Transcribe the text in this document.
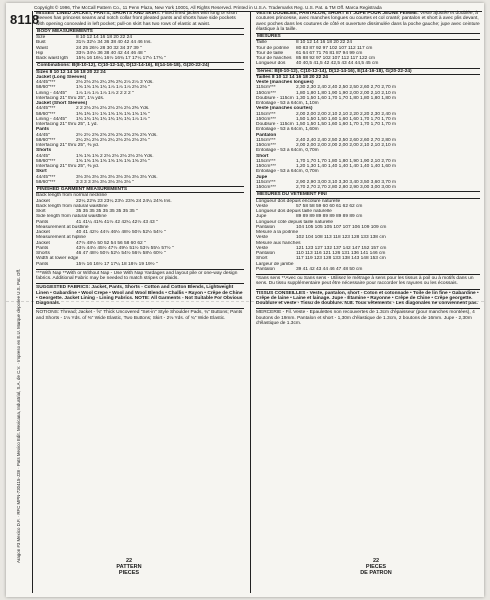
Copyright © 1996, The McCall Pattern Co., 11 Penn Plaza, New York 10001, All Rights Reserved. Printed in U.S.A. Trademarks Reg. U.S. Pat. & TM Off. Marca Registrada
8118
Aragon #3 Mexico D.F. · RFC MPN-720415-J28 · Pats Mexico Edit. Mexicana, Industrial, S.A. de C.V. · Impreso en E.U. Marque deposee U.S. Pat. Off.

MISSES' LINED JACKET, PANTS, SHORTS AND SKIRT: Fitted lined jacket with long or short sleeves has princess seams and notch collar front pleated pants and shorts have side pockets with opening concealed in left pocket; pull-on skirt has two rows of elastic at waist.

BODY MEASUREMENTS
Size	8 10 12 14 16 18 20 22 24
Bust	31½ 32½ 34 36 38 40 42 44 46 Ins.
Waist	24 25 26½ 28 30 32 34 37 39 "
Hip	33½ 34½ 36 38 40 42 44 46 48 "
Back waist lgth	15¾ 16 16¼ 16½ 16¾ 17 17¼ 17½ 17¾ "
Combinations: B(8-10-12), C(10-12-14), D(12-14-16), E(14-16-18), G(20-22-24)
Sizes 8 10 12 14 16 18 20 22 24
Jacket (Long Sleeves)
44/45"***	2⅛ 2⅛ 2⅛ 2¼ 2⅜ 2¾ 2⅞ 2⅞ 3 Yds.
58/60"***	1⅝ 1⅝ 1⅝ 1¾ 1⅞ 1⅞ 1⅞ 2⅛ 2⅛ "
Lining - 44/45"	1⅞ 1⅞ 1⅞ 1⅞ 1⅞ 2 2 2 2 "
Interfacing 21" thru 25", 1⅛ yds.
Jacket (Short Sleeves)
44/45"***	2 2 2⅛ 2⅛ 2⅛ 2⅛ 2⅛ 2⅛ 2⅜ Yds.
58/60"***	1⅜ 1⅜ 1½ 1⅝ 1⅝ 1⅝ 1⅝ 1⅝ 1⅝ "
Lining - 44/45"	1¾ 1¾ 1¾ 1¾ 1¾ 1¾ 1¾ 1⅞ 1⅞ "
Interfacing 21" thru 25", 1 yd.
Pants
44/45"	2½ 2½ 2⅝ 2⅝ 2⅝ 2⅝ 2⅝ 2⅝ 2⅝ Yds.
58/60"***	2¼ 2¼ 2⅛ 2⅛ 2¼ 2⅛ 2⅛ 2⅛ 2⅛ "
Interfacing 21" thru 25", ⅜ yd.
Shorts
44/45"	1⅝ 1⅝ 1⅝ 2 2⅛ 2⅛ 2⅛ 2⅛ 2⅛ Yds.
58/60"***	1⅝ 1⅝ 1⅝ 1⅝ 1⅝ 1⅝ 1⅝ 1⅝ 2⅛ "
Interfacing 21" thru 25", ⅜ yd.
Skirt
44/45"***	3⅛ 3⅛ 3⅛ 3⅛ 3⅛ 3⅛ 3⅛ 3⅛ 3⅛ Yds.
58/60"***	3 3 3 3 3⅛ 3⅛ 3⅛ 3⅛ 3⅛ "
FINISHED GARMENT MEASUREMENTS
Back length from normal neckline
Jacket	22¼ 22⅝ 23 23¼ 23½ 23⅝ 24 24¼ 24⅝ Ins.
Back length from natural waistline
Skirt	35 35 35 35 35 35 35 35 35 "
Side length from natural waistline
Pants	41 41¼ 41⅜ 41½ 42 42¼ 42½ 43 43 "
Measurement at bustline
Jacket	40 41 42½ 44½ 46½ 48½ 50½ 52½ 54½ "
Measurement at hipline
Jacket	47½ 48½ 50 52 54 56 58 60 62 "
Pants	43½ 44½ 45½ 47½ 49½ 51½ 53½ 55½ 57½ "
Shorts	46 47 48½ 50½ 52½ 54½ 56½ 58½ 60½ "
Width at lower edge
Pants	15½ 16 16½ 17 17¼ 18 18½ 19 19½ "
***With Nap **With or Without Nap - Use With Nap Yardages and layout pile or one-way design fabrics. Additional Fabric may be needed to match stripes or plaids.
SUGGESTED FABRICS: Jacket, Pants, Shorts - Cotton and Cotton Blends, Lightweight Linen • Gabardine • Wool Crepe • Wool and Wool Blends • Challis • Rayon • Crêpe de Chine • Georgette. Jacket Lining - Lining Fabrics. NOTE: All Garments - Not Suitable For Obvious Diagonals.
NOTIONS: Thread; Jacket - ⅝" Thick Uncovered "Set-in" Style Shoulder Pads, ¾" Buttons; Pants and Shorts - 1⅛ Yds. of ⅜" Wide Elastic, Two Buttons; Skirt - 2⅛ Yds. of ¾" Wide Elastic.

VESTE DOUBLEE, PANTALON, SHORT ET JUPE POUR JEUNE FEMME: Veste ajustée et doublée, à coutures princesse, avec manches longues ou courtes et col cranté; pantalon et short à avec plis devant, avec poches dans les coutures de côté et ouverture dissimulée dans la poche gauche; jupe avec ceinture élastique à la taille.

MESURES
Taille	8 10 12 14 16 18 20 22 24
Tour de poitrine	80 83 87 92 97 102 107 112 117 cm
Tour de taille	61 64 67 71 76 81 87 94 99 cm
Tour de hanches 85 88 92 97 102 107 112 117 122 cm
Longueur dos	40 40,5 41,5 42 42,5 43 44 44,5 45 cm
Séries: B(8-10-12), C(10-12-14), D(12-14-16), E(14-16-18), G(20-22-24)
Tailles 8 10 12 14 16 18 20 22 24
Veste (manches longues)
115cm***	2,30 2,30 2,40 2,40 2,50 2,50 2,60 2,70 2,70 m
150cm***	1,80 1,80 1,80 1,90 1,90 2,00 2,00 2,10 2,10 m
Doublure - 115cm 1,30 1,50 1,60 1,70 1,70 1,80 1,80 1,80 1,80 m
Entoilage - 53 à 64cm, 1,10m
Veste (manches courtes)
115cm***	2,00 2,00 2,00 2,10 2,10 2,20 2,20 2,30 2,40 m
150cm***	1,50 1,50 1,50 1,60 1,60 1,60 1,70 1,70 1,70 m
Doublure - 115cm 1,50 1,50 1,50 1,60 1,60 1,70 1,70 1,70 1,70 m
Entoilage - 53 à 64cm, 1,60m
Pantalon
115cm***	2,40 2,40 2,40 2,50 2,50 2,60 2,60 2,70 2,80 m
150cm***	2,00 2,00 2,00 2,00 2,00 2,00 2,10 2,10 2,10 m
Entoilage - 53 à 64cm, 0,70m
Short
115cm***	1,70 1,70 1,70 1,80 1,80 1,90 1,90 2,10 2,70 m
150cm***	1,20 1,30 1,40 1,40 1,40 1,40 1,40 1,40 1,60 m
Entoilage - 53 à 64cm, 0,70m
Jupe
115cm***	2,90 2,90 3,00 3,10 3,30 3,40 3,50 3,60 3,70 m
150cm***	2,70 2,70 2,70 2,80 2,80 2,90 3,00 3,00 3,00 m
MESURES DU VETEMENT FINI
Longueur dos depuis encolure naturelle
Veste	57 58 58 59 60 60 61 62 62 cm
Longueur dos depuis taille naturelle
Jupe	89 89 89 89 89 89 89 89 89 cm
Longueur côté depuis taille naturelle
Pantalon	104 105 105 105 107 107 106 109 109 cm
Mesure à la poitrine
Veste	102 104 108 113 118 123 128 133 138 cm
Mesure aux hanches
Veste	121 123 127 132 137 142 147 152 157 cm
Pantalon	110 113 116 121 126 131 136 141 146 cm
Short	117 119 123 128 133 138 143 148 153 cm
Largeur de jambe
Pantalon	39 41 42 43 44 46 47 48 50 cm
*Sans sens **Avec ou Sans sens - Utilisez le métrage à sens pour les tissus à poil ou à motifs dans un sens. Du tissu supplémentaire peut être nécessaire pour raccorder les rayures ou les écossais.
TISSUS CONSEILLES - Veste, pantalon, short - Coton et cotonnade • Toile de lin fine • Gabardine • Crêpe de laine • Laine et lainage. Jupe - Étamine • Rayonne • Crêpe de Chine • Crêpe georgette. Doublure et veste - Tissu de doublure. N.B. Tous vêtements - Les diagonales ne conviennent pas.
MERCERIE - Fil. Veste - Epaulettes non recouvertes de 1.3cm d'épaisseur (pour manches montées), 4 boutons de 19mm. Pantalon et short - 1,30m d'élastique de 1.3cm, 2 boutons de 16mm. Jupe - 2,30m d'élastique de 1.3cm.
22
PATTERN
PIECES
22
PIECES
DE PATRON
